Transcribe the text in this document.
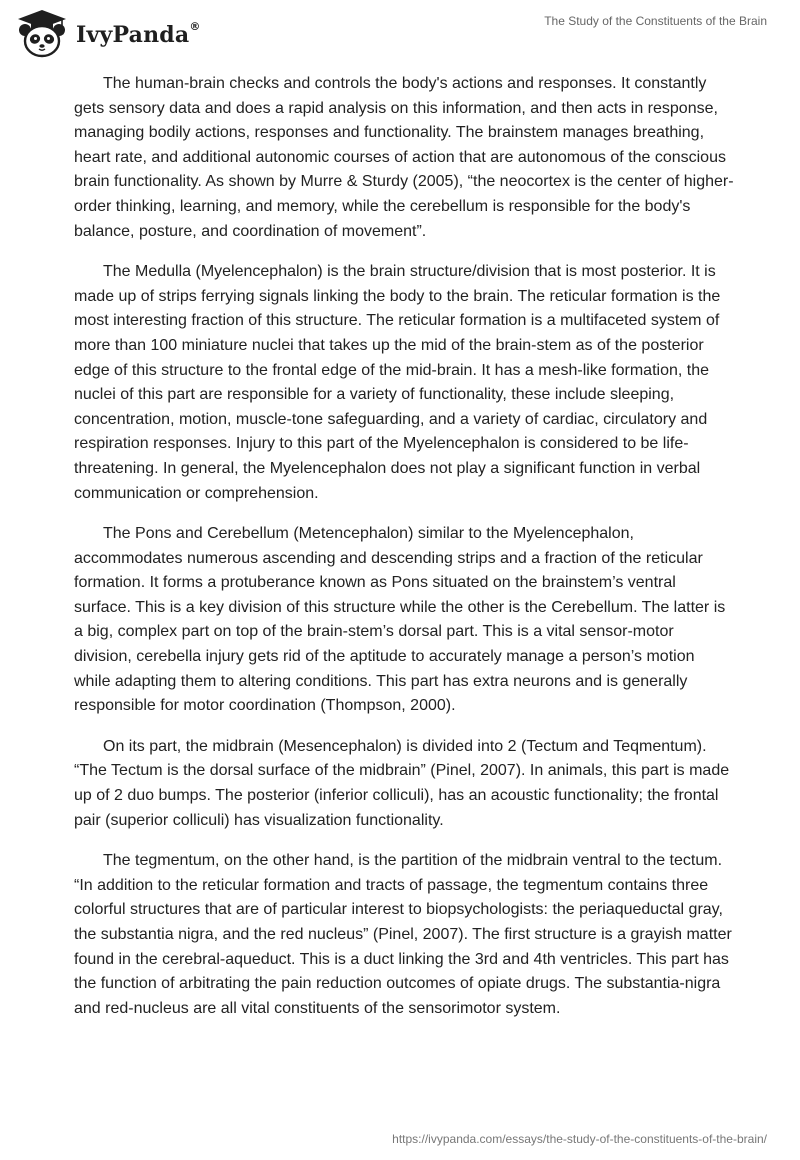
IvyPanda®	The Study of the Constituents of the Brain

The human-brain checks and controls the body's actions and responses. It constantly gets sensory data and does a rapid analysis on this information, and then acts in response, managing bodily actions, responses and functionality. The brainstem manages breathing, heart rate, and additional autonomic courses of action that are autonomous of the conscious brain functionality. As shown by Murre & Sturdy (2005), “the neocortex is the center of higher-order thinking, learning, and memory, while the cerebellum is responsible for the body's balance, posture, and coordination of movement”.

The Medulla (Myelencephalon) is the brain structure/division that is most posterior. It is made up of strips ferrying signals linking the body to the brain. The reticular formation is the most interesting fraction of this structure. The reticular formation is a multifaceted system of more than 100 miniature nuclei that takes up the mid of the brain-stem as of the posterior edge of this structure to the frontal edge of the mid-brain. It has a mesh-like formation, the nuclei of this part are responsible for a variety of functionality, these include sleeping, concentration, motion, muscle-tone safeguarding, and a variety of cardiac, circulatory and respiration responses. Injury to this part of the Myelencephalon is considered to be life-threatening. In general, the Myelencephalon does not play a significant function in verbal communication or comprehension.

The Pons and Cerebellum (Metencephalon) similar to the Myelencephalon, accommodates numerous ascending and descending strips and a fraction of the reticular formation. It forms a protuberance known as Pons situated on the brainstem’s ventral surface. This is a key division of this structure while the other is the Cerebellum. The latter is a big, complex part on top of the brain-stem’s dorsal part. This is a vital sensor-motor division, cerebella injury gets rid of the aptitude to accurately manage a person’s motion while adapting them to altering conditions. This part has extra neurons and is generally responsible for motor coordination (Thompson, 2000).

On its part, the midbrain (Mesencephalon) is divided into 2 (Tectum and Teqmentum). “The Tectum is the dorsal surface of the midbrain” (Pinel, 2007). In animals, this part is made up of 2 duo bumps. The posterior (inferior colliculi), has an acoustic functionality; the frontal pair (superior colliculi) has visualization functionality.

The tegmentum, on the other hand, is the partition of the midbrain ventral to the tectum. “In addition to the reticular formation and tracts of passage, the tegmentum contains three colorful structures that are of particular interest to biopsychologists: the periaqueductal gray, the substantia nigra, and the red nucleus” (Pinel, 2007). The first structure is a grayish matter found in the cerebral-aqueduct. This is a duct linking the 3rd and 4th ventricles. This part has the function of arbitrating the pain reduction outcomes of opiate drugs. The substantia-nigra and red-nucleus are all vital constituents of the sensorimotor system.

https://ivypanda.com/essays/the-study-of-the-constituents-of-the-brain/
